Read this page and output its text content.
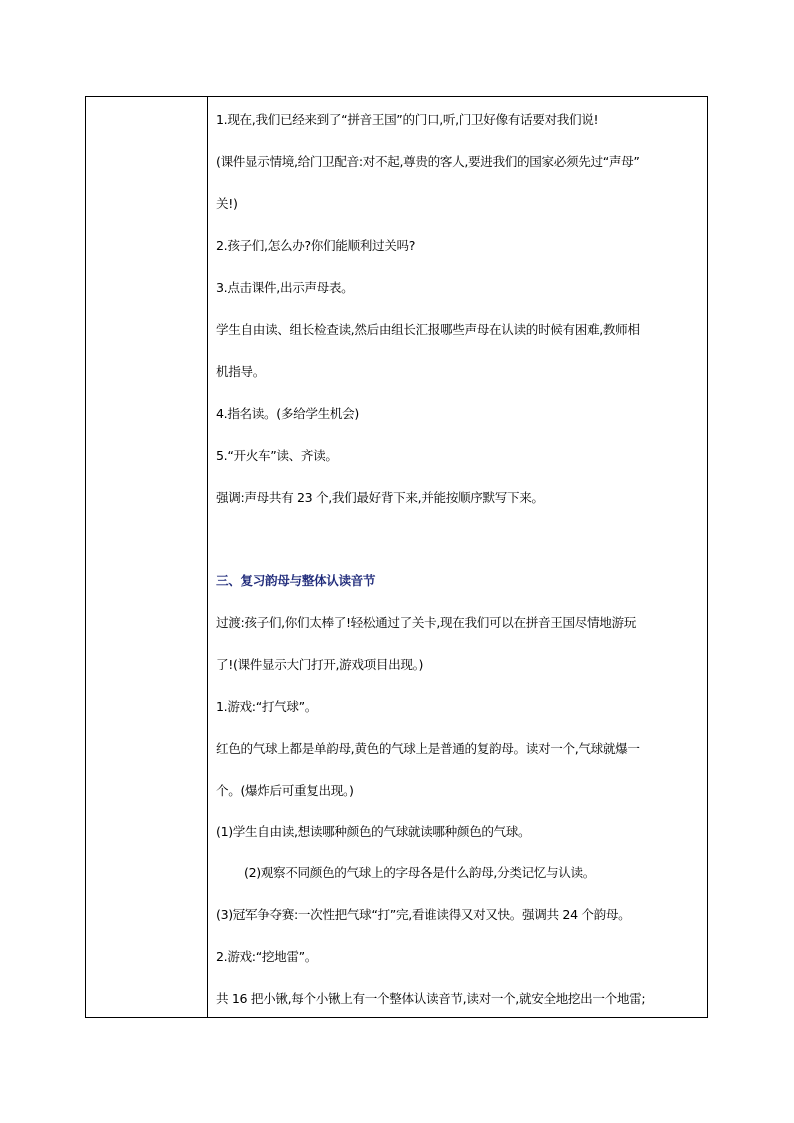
1.现在,我们已经来到了“拼音王国”的门口,听,门卫好像有话要对我们说!
(课件显示情境,给门卫配音:对不起,尊贵的客人,要进我们的国家必须先过“声母”
关!)
2.孩子们,怎么办?你们能顺利过关吗?
3.点击课件,出示声母表。
学生自由读、组长检查读,然后由组长汇报哪些声母在认读的时候有困难,教师相
机指导。
4.指名读。(多给学生机会)
5.“开火车”读、齐读。
强调:声母共有 23 个,我们最好背下来,并能按顺序默写下来。
三、复习韵母与整体认读音节
过渡:孩子们,你们太棒了!轻松通过了关卡,现在我们可以在拼音王国尽情地游玩
了!(课件显示大门打开,游戏项目出现。)
1.游戏:“打气球”。
红色的气球上都是单韵母,黄色的气球上是普通的复韵母。读对一个,气球就爆一
个。(爆炸后可重复出现。)
(1)学生自由读,想读哪种颜色的气球就读哪种颜色的气球。
(2)观察不同颜色的气球上的字母各是什么韵母,分类记忆与认读。
(3)冠军争夺赛:一次性把气球“打”完,看谁读得又对又快。强调共 24 个韵母。
2.游戏:“挖地雷”。
共 16 把小锹,每个小锹上有一个整体认读音节,读对一个,就安全地挖出一个地雷;
